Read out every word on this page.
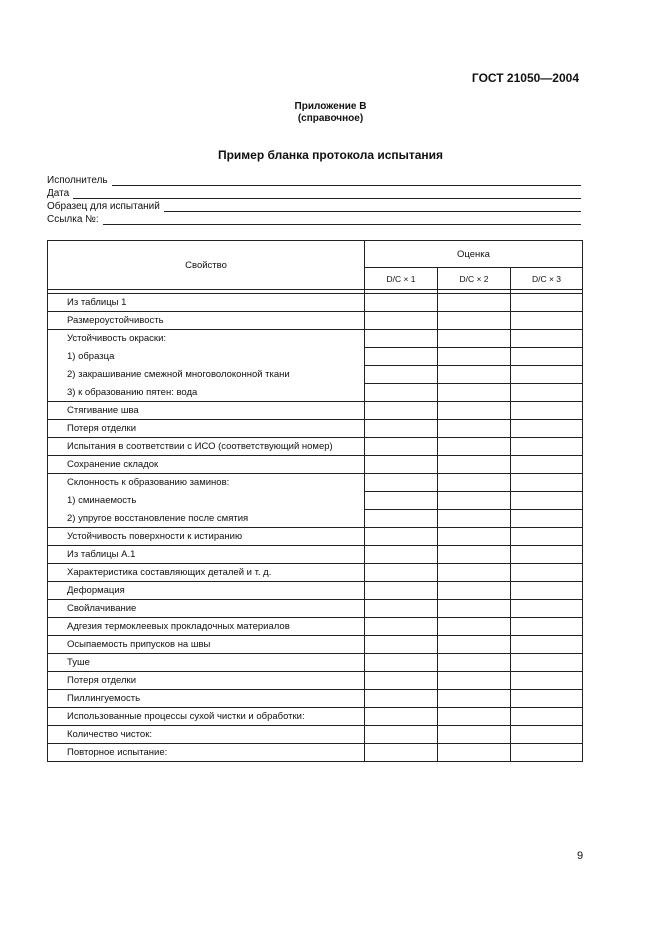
ГОСТ 21050—2004
Приложение В
(справочное)
Пример бланка протокола испытания
Исполнитель
Дата
Образец для испытаний
Ссылка №:
Свойство	Оценка		
	D/C × 1	D/C × 2	D/C × 3

Из таблицы 1			
Размероустойчивость			
Устойчивость окраски:			
1) образца			
2) закрашивание смежной многоволоконной ткани			
3) к образованию пятен: вода			
Стягивание шва			
Потеря отделки			
Испытания в соответствии с ИСО (соответствующий номер)			
Сохранение складок			
Склонность к образованию заминов:			
1) сминаемость			
2) упругое восстановление после смятия			
Устойчивость поверхности к истиранию			
Из таблицы А.1			
Характеристика составляющих деталей и т. д.			
Деформация			
Свойлачивание			
Адгезия термоклеевых прокладочных материалов			
Осыпаемость припусков на швы			
Туше			
Потеря отделки			
Пиллингуемость			
Использованные процессы сухой чистки и обработки:			
Количество чисток:			
Повторное испытание:			
9
